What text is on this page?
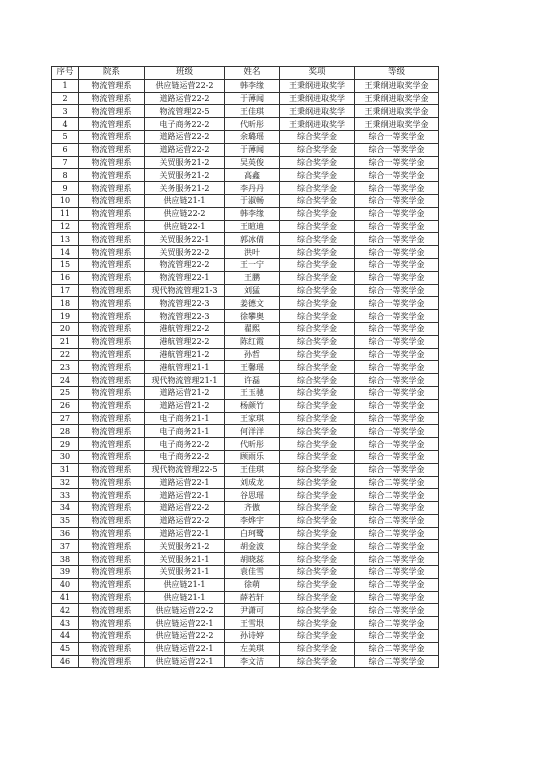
序号	院系	班级	姓名	奖项	等级
1	物流管理系	供应链运营22-2	韩李缘	王秉纲进取奖学	王秉纲进取奖学金
2	物流管理系	道路运营22-2	于薄闻	王秉纲进取奖学	王秉纲进取奖学金
3	物流管理系	物流管理22-5	王佳琪	王秉纲进取奖学	王秉纲进取奖学金
4	物流管理系	电子商务22-2	代昕彤	王秉纲进取奖学	王秉纲进取奖学金
5	物流管理系	道路运营22-2	余璐瑶	综合奖学金	综合一等奖学金
6	物流管理系	道路运营22-2	于薄闻	综合奖学金	综合一等奖学金
7	物流管理系	关贸服务21-2	吴英俊	综合奖学金	综合一等奖学金
8	物流管理系	关贸服务21-2	高鑫	综合奖学金	综合一等奖学金
9	物流管理系	关务服务21-2	李丹丹	综合奖学金	综合一等奖学金
10	物流管理系	供应链21-1	于淑畅	综合奖学金	综合一等奖学金
11	物流管理系	供应链22-2	韩李缘	综合奖学金	综合一等奖学金
12	物流管理系	供应链22-1	王暄迪	综合奖学金	综合一等奖学金
13	物流管理系	关贸服务22-1	郭冰倩	综合奖学金	综合一等奖学金
14	物流管理系	关贸服务22-2	洪叶	综合奖学金	综合一等奖学金
15	物流管理系	物流管理22-2	王一宁	综合奖学金	综合一等奖学金
16	物流管理系	物流管理22-1	王鹏	综合奖学金	综合一等奖学金
17	物流管理系	现代物流管理21-3	刘猛	综合奖学金	综合一等奖学金
18	物流管理系	物流管理22-3	姜德文	综合奖学金	综合一等奖学金
19	物流管理系	物流管理22-3	徐攀奥	综合奖学金	综合一等奖学金
20	物流管理系	港航管理22-2	翟熙	综合奖学金	综合一等奖学金
21	物流管理系	港航管理22-2	陈红霞	综合奖学金	综合一等奖学金
22	物流管理系	港航管理21-2	孙哲	综合奖学金	综合一等奖学金
23	物流管理系	港航管理21-1	王馨瑶	综合奖学金	综合一等奖学金
24	物流管理系	现代物流管理21-1	许磊	综合奖学金	综合一等奖学金
25	物流管理系	道路运营21-2	王玉驰	综合奖学金	综合一等奖学金
26	物流管理系	道路运营21-2	杨颜竹	综合奖学金	综合一等奖学金
27	物流管理系	电子商务21-1	王家琪	综合奖学金	综合一等奖学金
28	物流管理系	电子商务21-1	何洋洋	综合奖学金	综合一等奖学金
29	物流管理系	电子商务22-2	代昕彤	综合奖学金	综合一等奖学金
30	物流管理系	电子商务22-2	顾雨乐	综合奖学金	综合一等奖学金
31	物流管理系	现代物流管理22-5	王佳琪	综合奖学金	综合一等奖学金
32	物流管理系	道路运营22-1	刘成龙	综合奖学金	综合二等奖学金
33	物流管理系	道路运营22-1	谷思瑶	综合奖学金	综合二等奖学金
34	物流管理系	道路运营22-2	齐傲	综合奖学金	综合二等奖学金
35	物流管理系	道路运营22-2	李烨宇	综合奖学金	综合二等奖学金
36	物流管理系	道路运营22-1	白珂鹭	综合奖学金	综合二等奖学金
37	物流管理系	关贸服务21-2	胡金波	综合奖学金	综合二等奖学金
38	物流管理系	关贸服务21-1	胡晓蕊	综合奖学金	综合二等奖学金
39	物流管理系	关贸服务21-1	袁佳雪	综合奖学金	综合二等奖学金
40	物流管理系	供应链21-1	徐萌	综合奖学金	综合二等奖学金
41	物流管理系	供应链21-1	薛若轩	综合奖学金	综合二等奖学金
42	物流管理系	供应链运营22-2	尹潇可	综合奖学金	综合二等奖学金
43	物流管理系	供应链运营22-1	王雪垠	综合奖学金	综合二等奖学金
44	物流管理系	供应链运营22-2	孙诗婷	综合奖学金	综合二等奖学金
45	物流管理系	供应链运营22-1	左美琪	综合奖学金	综合二等奖学金
46	物流管理系	供应链运营22-1	李文洁	综合奖学金	综合二等奖学金
